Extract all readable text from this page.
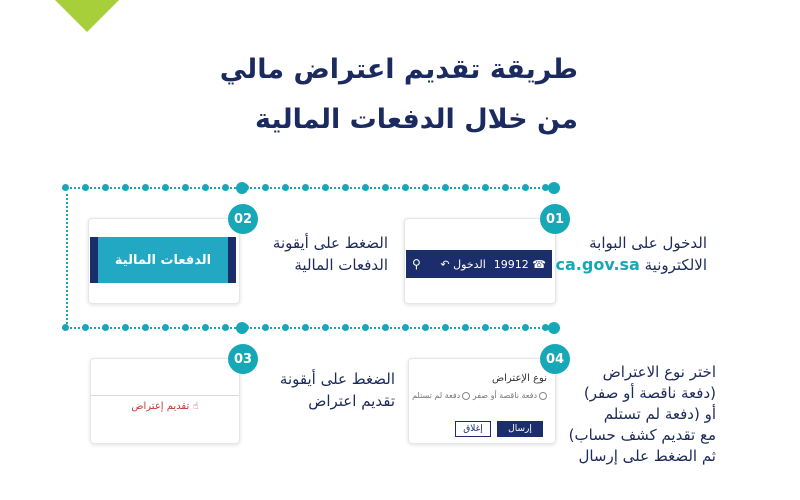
طريقة تقديم اعتراض مالي
من خلال الدفعات المالية
⚲	☎ 19912
الدخول ↶
01
الدخول على البوابة
الالكترونية ca.gov.sa
الدفعات المالية
02
الضغط على أيقونة
الدفعات المالية
☝ تقديم إعتراض
03
الضغط على أيقونة
تقديم اعتراض
نوع الإعتراض
دفعة ناقصة أو صفر دفعة لم تستلم
إرسال
إغلاق
04
اختر نوع الاعتراض
(دفعة ناقصة أو صفر)
أو (دفعة لم تستلم
مع تقديم كشف حساب)
ثم الضغط على إرسال
